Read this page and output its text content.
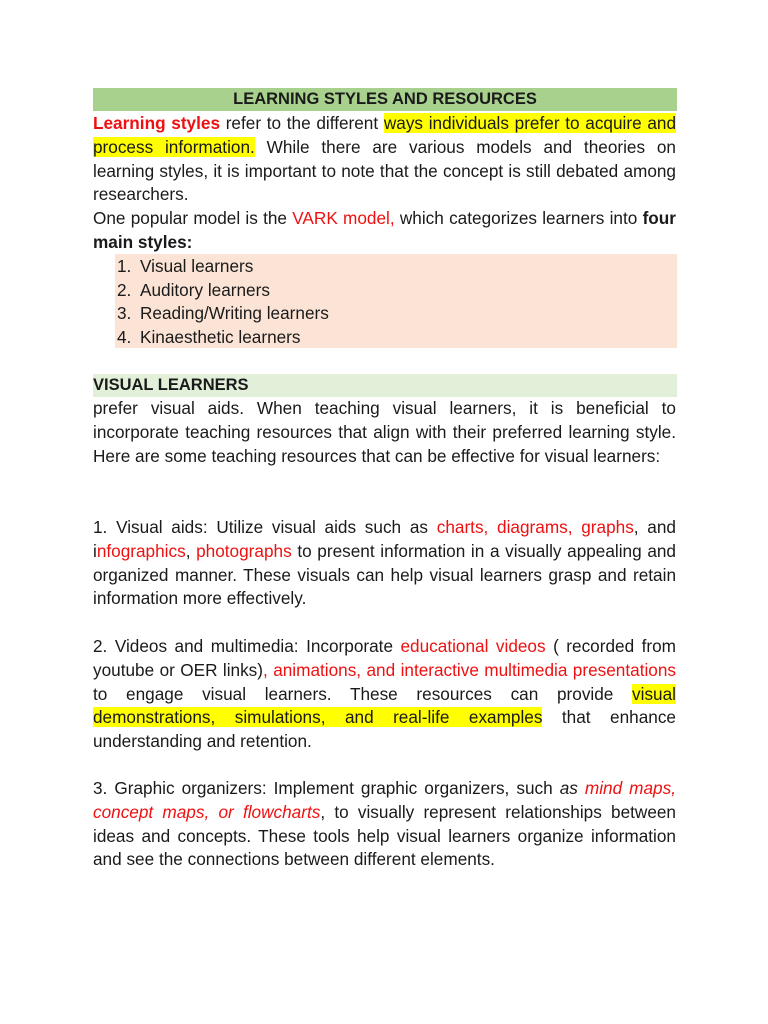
LEARNING STYLES AND RESOURCES
Learning styles refer to the different ways individuals prefer to acquire and process information. While there are various models and theories on learning styles, it is important to note that the concept is still debated among researchers.
One popular model is the VARK model, which categorizes learners into four main styles:
1. Visual learners
2. Auditory learners
3. Reading/Writing learners
4. Kinaesthetic learners
VISUAL LEARNERS
prefer visual aids. When teaching visual learners, it is beneficial to incorporate teaching resources that align with their preferred learning style. Here are some teaching resources that can be effective for visual learners:
1. Visual aids: Utilize visual aids such as charts, diagrams, graphs, and infographics, photographs to present information in a visually appealing and organized manner. These visuals can help visual learners grasp and retain information more effectively.
2. Videos and multimedia: Incorporate educational videos ( recorded from youtube or OER links), animations, and interactive multimedia presentations to engage visual learners. These resources can provide visual demonstrations, simulations, and real-life examples that enhance understanding and retention.
3. Graphic organizers: Implement graphic organizers, such as mind maps, concept maps, or flowcharts, to visually represent relationships between ideas and concepts. These tools help visual learners organize information and see the connections between different elements.
